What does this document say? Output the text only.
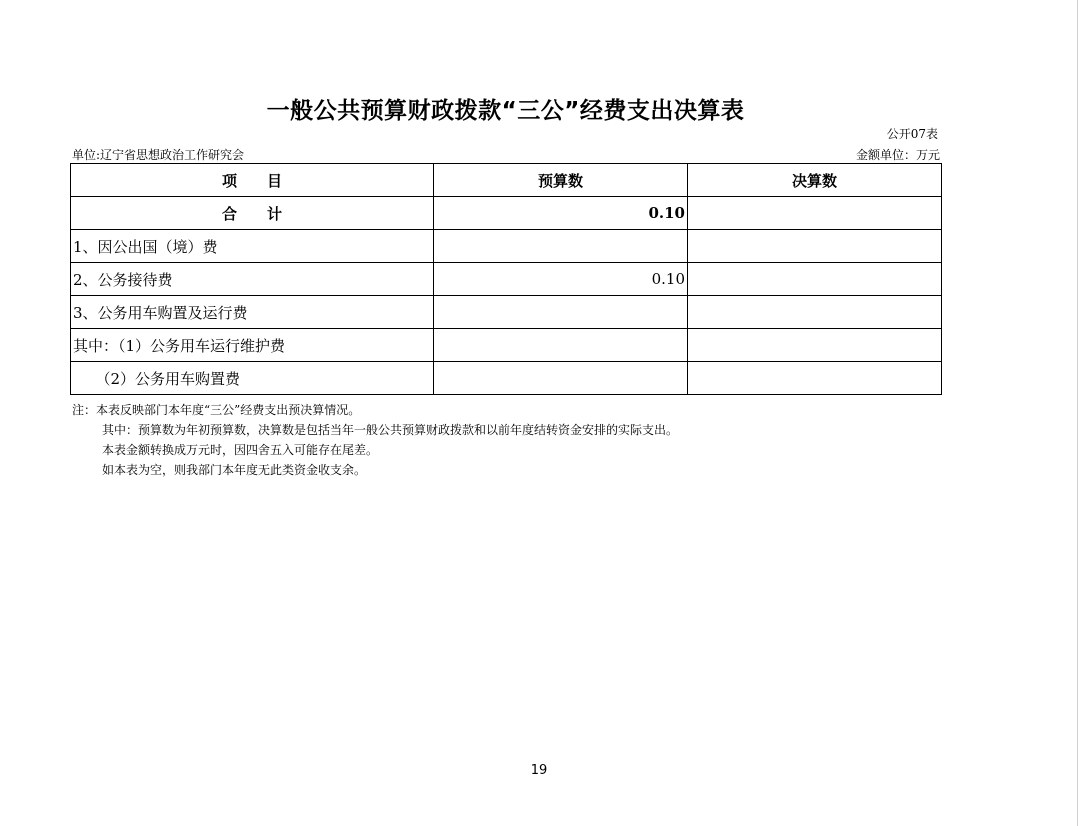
一般公共预算财政拨款“三公”经费支出决算表
公开07表
单位:辽宁省思想政治工作研究会	金额单位：万元
项　　目	预算数	决算数
合　　计	0.10	
1、因公出国（境）费		
2、公务接待费	0.10	
3、公务用车购置及运行费		
其中：（1）公务用车运行维护费		
　　（2）公务用车购置费		
注：本表反映部门本年度“三公”经费支出预决算情况。
其中：预算数为年初预算数，决算数是包括当年一般公共预算财政拨款和以前年度结转资金安排的实际支出。
本表金额转换成万元时，因四舍五入可能存在尾差。
如本表为空，则我部门本年度无此类资金收支余。
19
